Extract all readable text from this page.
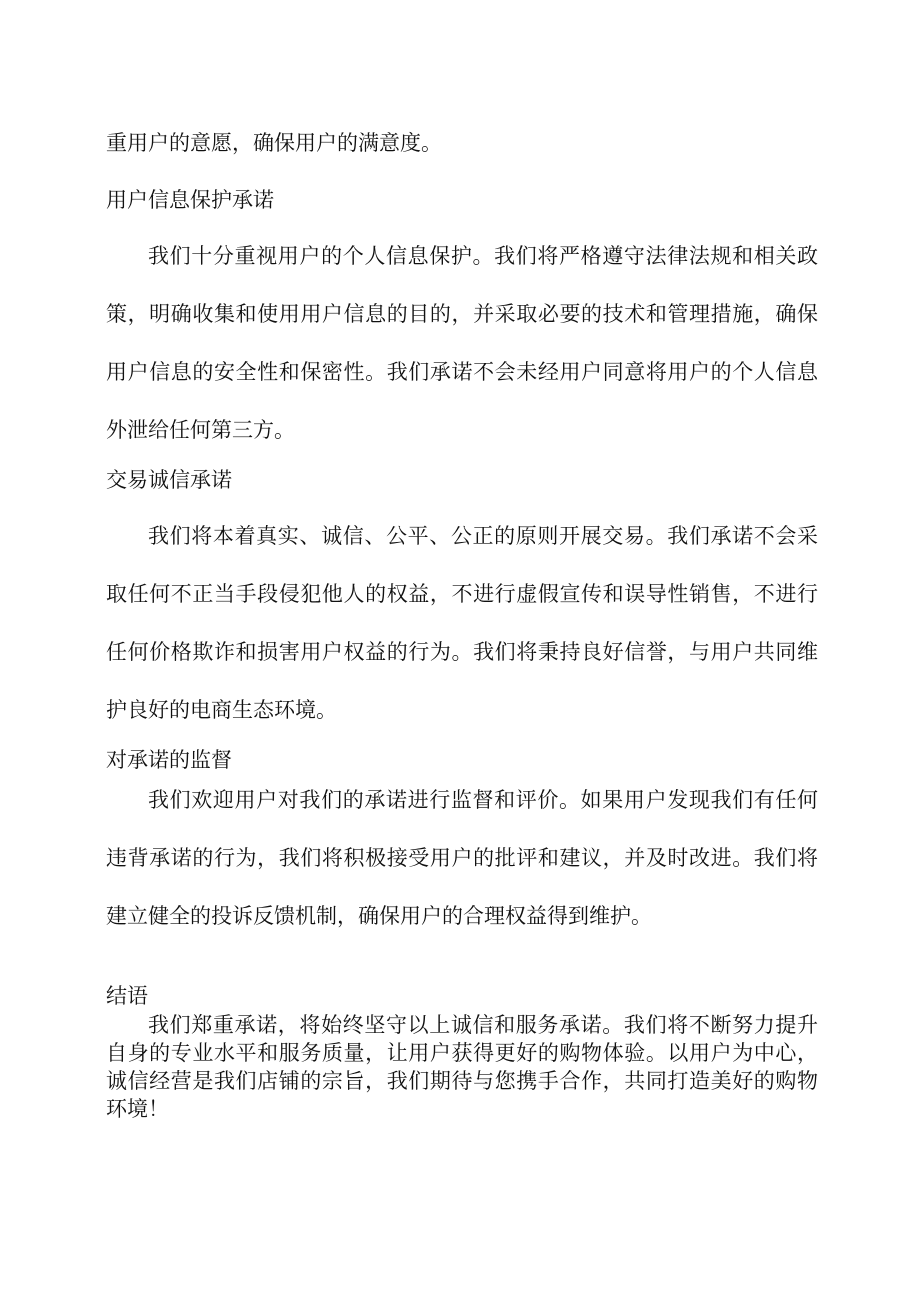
重用户的意愿，确保用户的满意度。

用户信息保护承诺

我们十分重视用户的个人信息保护。我们将严格遵守法律法规和相关政策，明确收集和使用用户信息的目的，并采取必要的技术和管理措施，确保用户信息的安全性和保密性。我们承诺不会未经用户同意将用户的个人信息外泄给任何第三方。

交易诚信承诺

我们将本着真实、诚信、公平、公正的原则开展交易。我们承诺不会采取任何不正当手段侵犯他人的权益，不进行虚假宣传和误导性销售，不进行任何价格欺诈和损害用户权益的行为。我们将秉持良好信誉，与用户共同维护良好的电商生态环境。

对承诺的监督

我们欢迎用户对我们的承诺进行监督和评价。如果用户发现我们有任何违背承诺的行为，我们将积极接受用户的批评和建议，并及时改进。我们将建立健全的投诉反馈机制，确保用户的合理权益得到维护。

结语

我们郑重承诺，将始终坚守以上诚信和服务承诺。我们将不断努力提升自身的专业水平和服务质量，让用户获得更好的购物体验。以用户为中心，诚信经营是我们店铺的宗旨，我们期待与您携手合作，共同打造美好的购物环境！
